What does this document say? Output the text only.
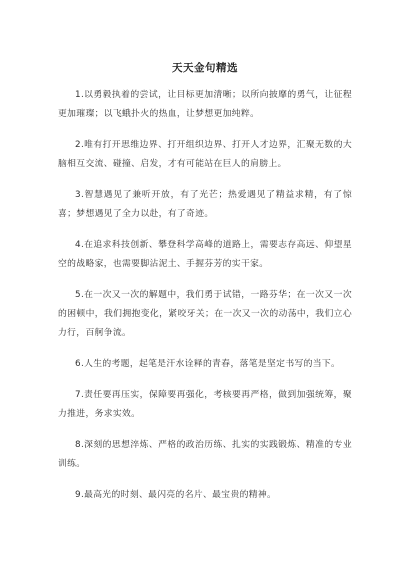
天天金句精选
1.以勇毅执着的尝试，让目标更加清晰；以所向披靡的勇气，让征程更加璀璨；以飞蛾扑火的热血，让梦想更加纯粹。
2.唯有打开思维边界、打开组织边界、打开人才边界，汇聚无数的大脑相互交流、碰撞、启发，才有可能站在巨人的肩膀上。
3.智慧遇见了兼听开放，有了光芒；热爱遇见了精益求精，有了惊喜；梦想遇见了全力以赴，有了奇迹。
4.在追求科技创新、攀登科学高峰的道路上，需要志存高远、仰望星空的战略家，也需要脚沾泥土、手握芬芳的实干家。
5.在一次又一次的解题中，我们勇于试错，一路芬华；在一次又一次的困顿中，我们拥抱变化，紧咬牙关；在一次又一次的动荡中，我们立心力行，百舸争流。
6.人生的考题，起笔是汗水诠释的青春，落笔是坚定书写的当下。
7.责任要再压实，保障要再强化，考核要再严格，做到加强统筹，聚力推进，务求实效。
8.深刻的思想淬炼、严格的政治历练、扎实的实践锻炼、精准的专业训练。
9.最高光的时刻、最闪亮的名片、最宝贵的精神。
